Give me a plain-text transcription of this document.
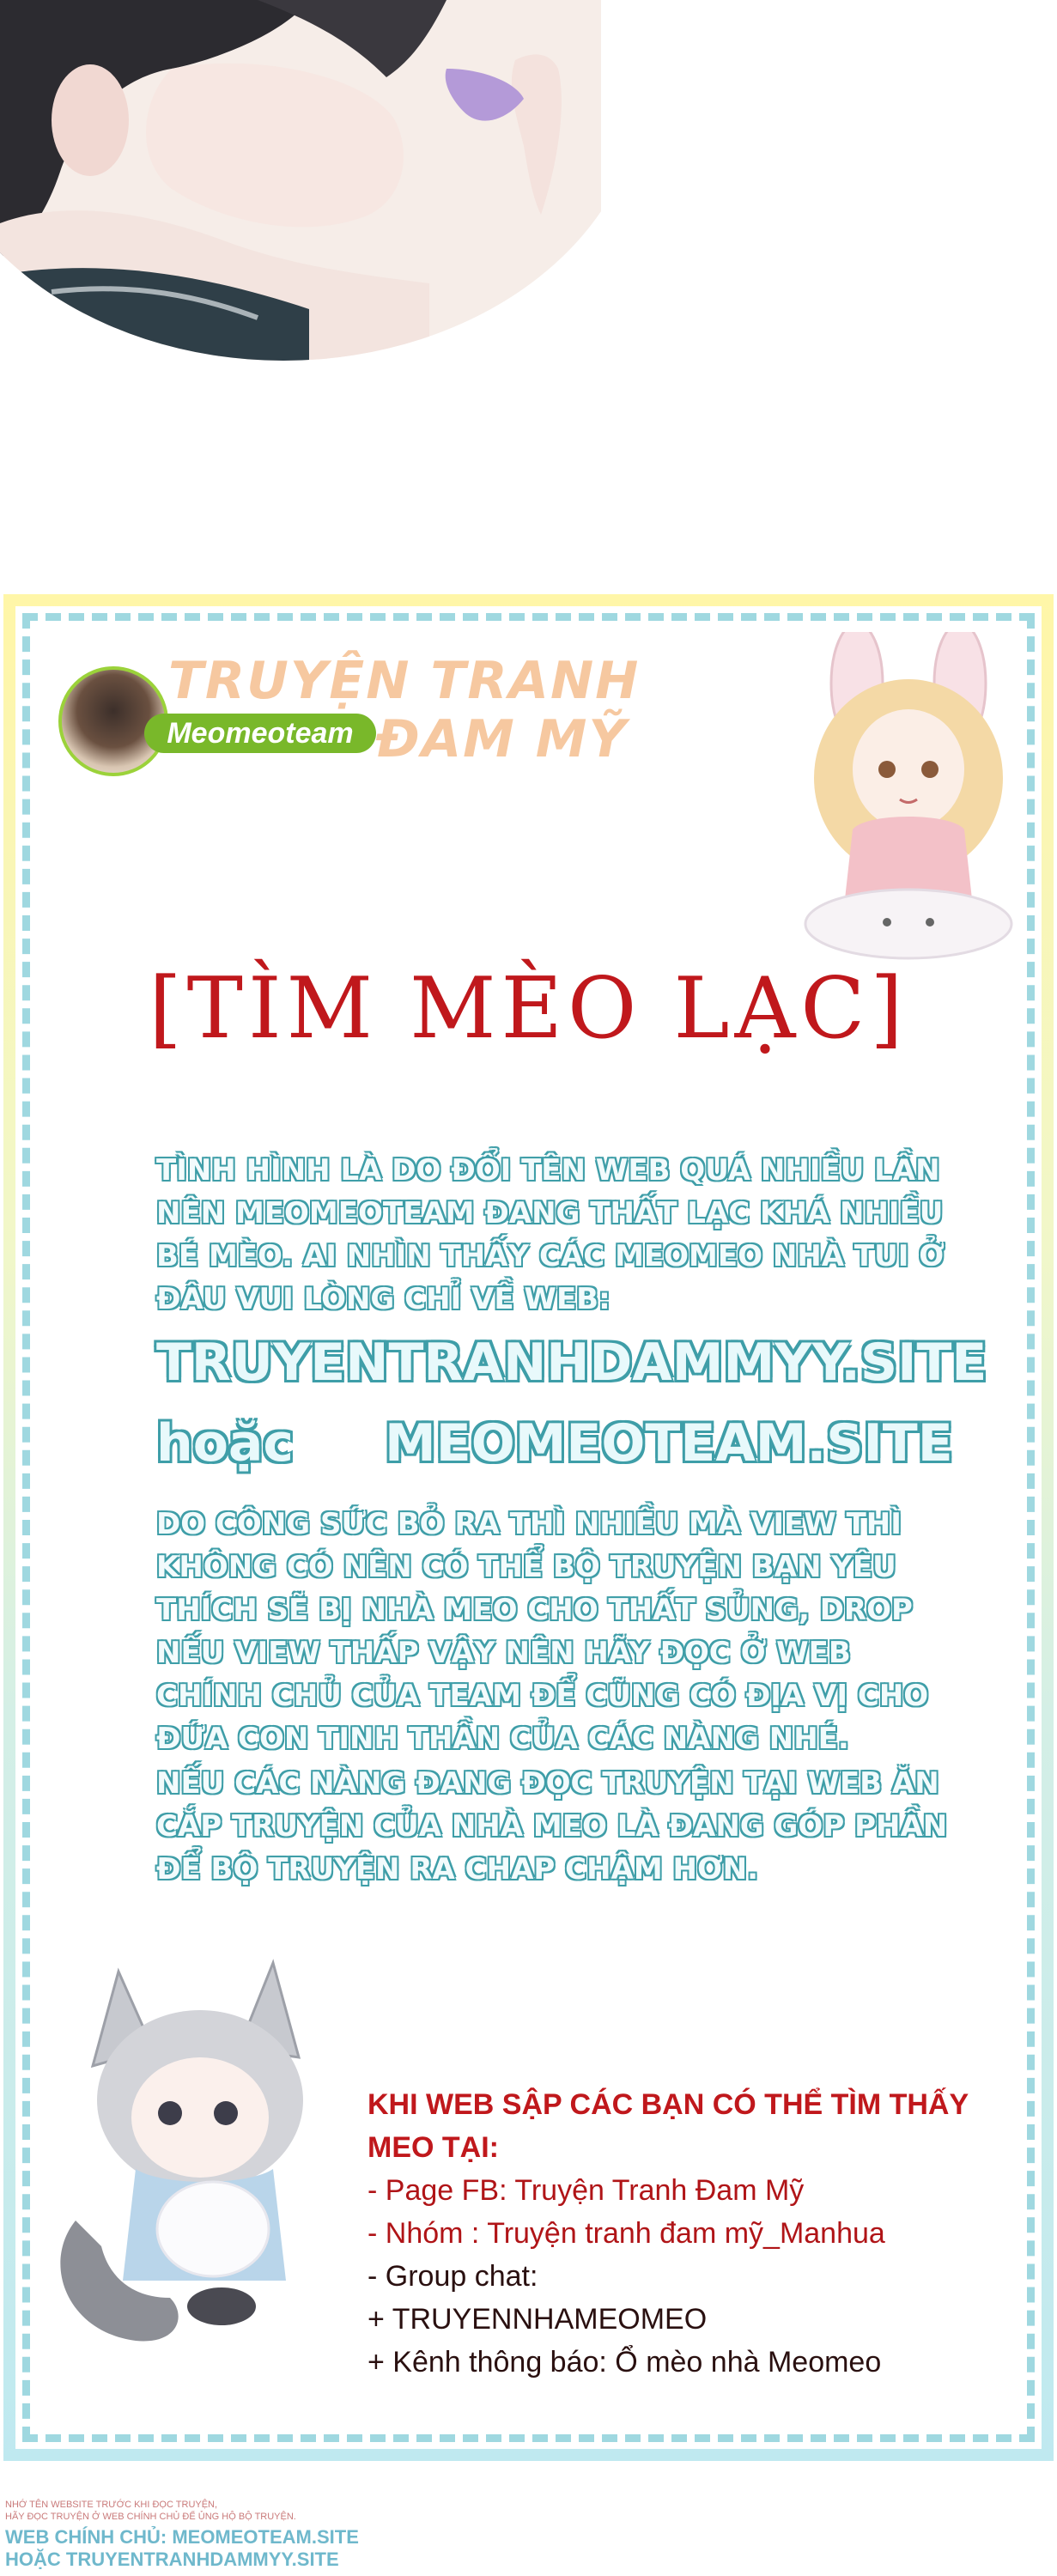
TRUYỆN TRANH
ĐAM MỸ
Meomeoteam
[TÌM MÈO LẠC]
TÌNH HÌNH LÀ DO ĐỔI TÊN WEB QUÁ NHIỀU LẦN NÊN MEOMEOTEAM ĐANG THẤT LẠC KHÁ NHIỀU BÉ MÈO. AI NHÌN THẤY CÁC MEOMEO NHÀ TUI Ở ĐÂU VUI LÒNG CHỈ VỀ WEB:
TRUYENTRANHDAMMYY.SITE
hoặc MEOMEOTEAM.SITE
DO CÔNG SỨC BỎ RA THÌ NHIỀU MÀ VIEW THÌ KHÔNG CÓ NÊN CÓ THỂ BỘ TRUYỆN BẠN YÊU THÍCH SẼ BỊ NHÀ MEO CHO THẤT SỦNG, DROP NẾU VIEW THẤP VẬY NÊN HÃY ĐỌC Ở WEB CHÍNH CHỦ CỦA TEAM ĐỂ CŨNG CÓ ĐỊA VỊ CHO ĐỨA CON TINH THẦN CỦA CÁC NÀNG NHÉ.
NẾU CÁC NÀNG ĐANG ĐỌC TRUYỆN TẠI WEB ĂN CẮP TRUYỆN CỦA NHÀ MEO LÀ ĐANG GÓP PHẦN ĐỂ BỘ TRUYỆN RA CHAP CHẬM HƠN.
KHI WEB SẬP CÁC BẠN CÓ THỂ TÌM THẤY MEO TẠI:
- Page FB: Truyện Tranh Đam Mỹ
- Nhóm : Truyện tranh đam mỹ_Manhua
- Group chat:
+ TRUYENNHAMEOMEO
+ Kênh thông báo: Ổ mèo nhà Meomeo
NHỚ TÊN WEBSITE TRƯỚC KHI ĐỌC TRUYỆN,
HÃY ĐỌC TRUYỆN Ở WEB CHÍNH CHỦ ĐỂ ỦNG HỘ BỘ TRUYỆN.
WEB CHÍNH CHỦ: MEOMEOTEAM.SITE
HOẶC TRUYENTRANHDAMMYY.SITE
